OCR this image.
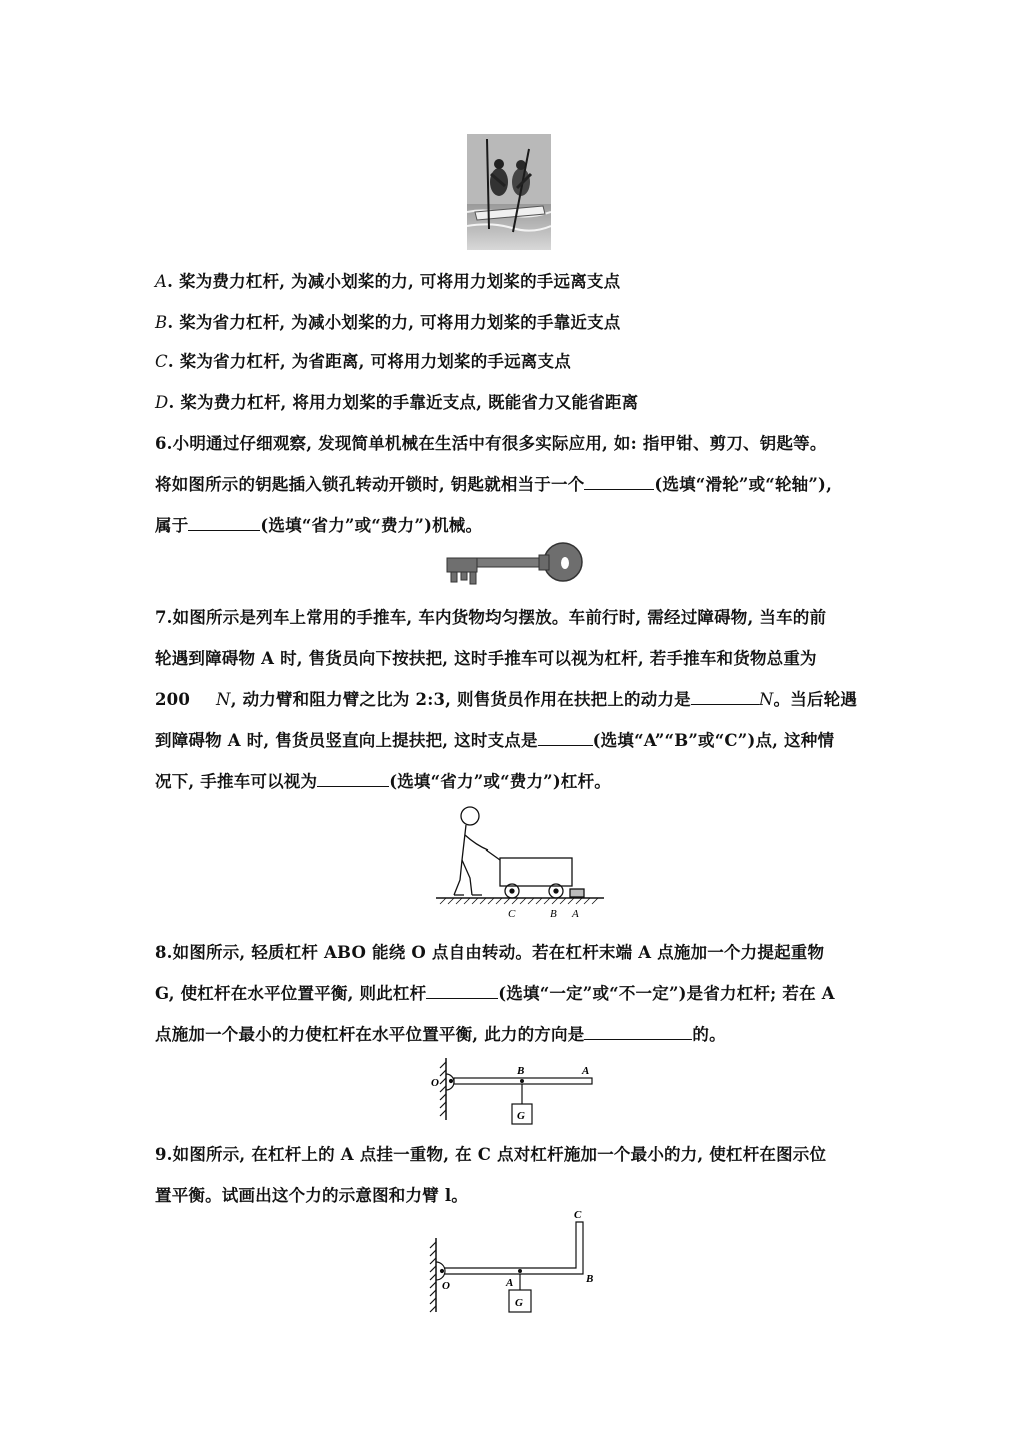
A. 桨为费力杠杆, 为减小划桨的力, 可将用力划桨的手远离支点
B. 桨为省力杠杆, 为减小划桨的力, 可将用力划桨的手靠近支点
C. 桨为省力杠杆, 为省距离, 可将用力划桨的手远离支点
D. 桨为费力杠杆, 将用力划桨的手靠近支点, 既能省力又能省距离
6.小明通过仔细观察, 发现简单机械在生活中有很多实际应用, 如: 指甲钳、剪刀、钥匙等。
将如图所示的钥匙插入锁孔转动开锁时, 钥匙就相当于一个	(选填“滑轮”或“轮轴”),
属于	(选填“省力”或“费力”)机械。
7.如图所示是列车上常用的手推车, 车内货物均匀摆放。车前行时, 需经过障碍物, 当车的前
轮遇到障碍物 A 时, 售货员向下按扶把, 这时手推车可以视为杠杆, 若手推车和货物总重为
200 N, 动力臂和阻力臂之比为 2:3, 则售货员作用在扶把上的动力是	N。当后轮遇
到障碍物 A 时, 售货员竖直向上提扶把, 这时支点是	(选填“A”“B”或“C”)点, 这种情
况下, 手推车可以视为	(选填“省力”或“费力”)杠杆。
C	B A
8.如图所示, 轻质杠杆 ABO 能绕 O 点自由转动。若在杠杆末端 A 点施加一个力提起重物
G, 使杠杆在水平位置平衡, 则此杠杆	(选填“一定”或“不一定”)是省力杠杆; 若在 A
点施加一个最小的力使杠杆在水平位置平衡, 此力的方向是	的。
O
B	A
G
9.如图所示, 在杠杆上的 A 点挂一重物, 在 C 点对杠杆施加一个最小的力, 使杠杆在图示位
置平衡。试画出这个力的示意图和力臂 l。
O	A	B
C
G
